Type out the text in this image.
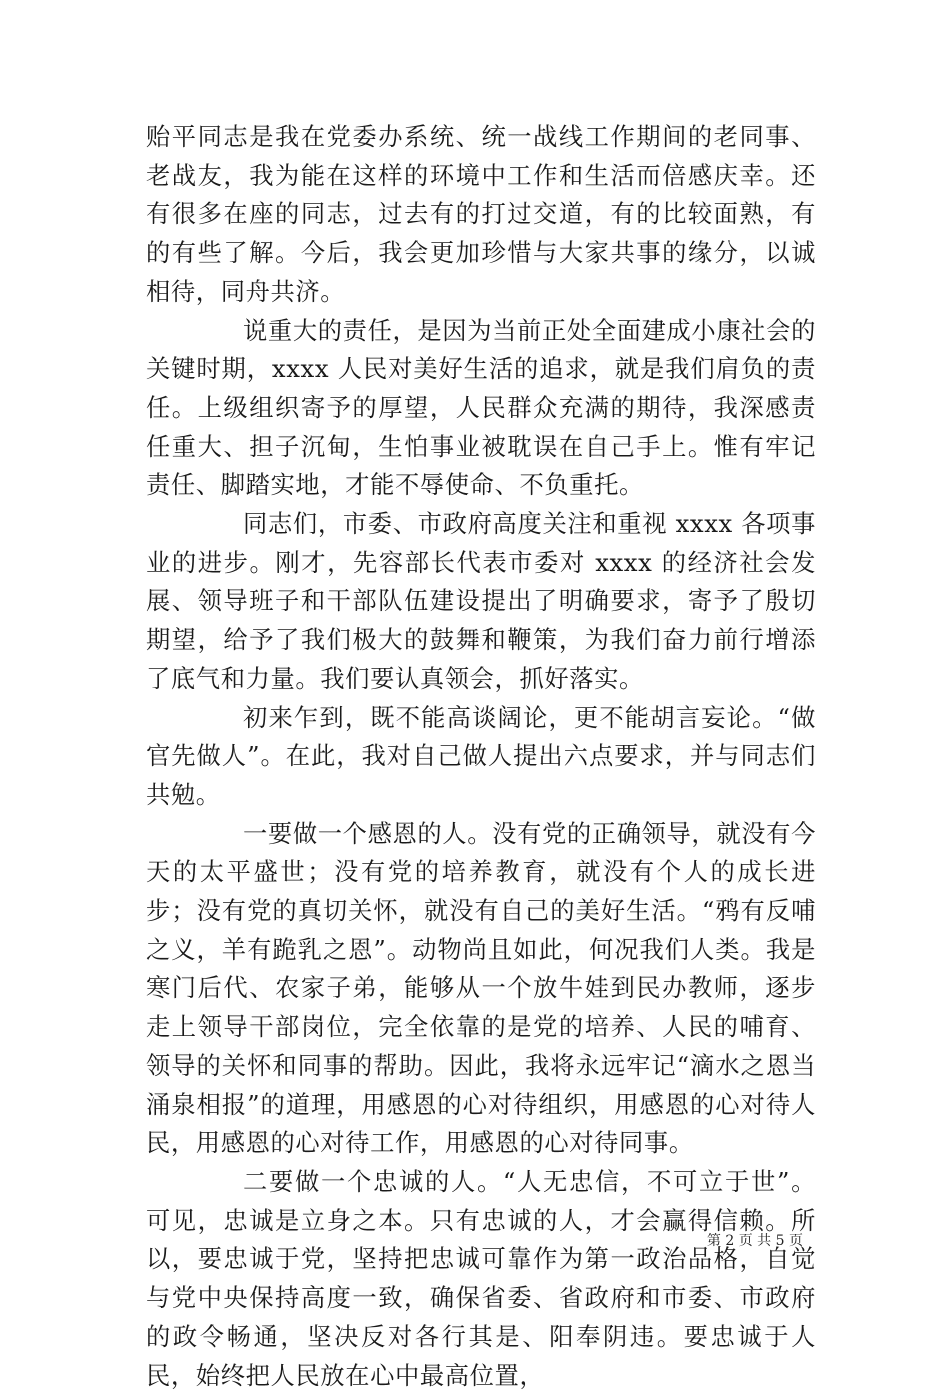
贻平同志是我在党委办系统、统一战线工作期间的老同事、老战友，我为能在这样的环境中工作和生活而倍感庆幸。还有很多在座的同志，过去有的打过交道，有的比较面熟，有的有些了解。今后，我会更加珍惜与大家共事的缘分，以诚相待，同舟共济。

说重大的责任，是因为当前正处全面建成小康社会的关键时期，xxxx 人民对美好生活的追求，就是我们肩负的责任。上级组织寄予的厚望，人民群众充满的期待，我深感责任重大、担子沉甸，生怕事业被耽误在自己手上。惟有牢记责任、脚踏实地，才能不辱使命、不负重托。

同志们，市委、市政府高度关注和重视 xxxx 各项事业的进步。刚才，先容部长代表市委对 xxxx 的经济社会发展、领导班子和干部队伍建设提出了明确要求，寄予了殷切期望，给予了我们极大的鼓舞和鞭策，为我们奋力前行增添了底气和力量。我们要认真领会，抓好落实。

初来乍到，既不能高谈阔论，更不能胡言妄论。“做官先做人”。在此，我对自己做人提出六点要求，并与同志们共勉。

一要做一个感恩的人。没有党的正确领导，就没有今天的太平盛世；没有党的培养教育，就没有个人的成长进步；没有党的真切关怀，就没有自己的美好生活。“鸦有反哺之义，羊有跪乳之恩”。动物尚且如此，何况我们人类。我是寒门后代、农家子弟，能够从一个放牛娃到民办教师，逐步走上领导干部岗位，完全依靠的是党的培养、人民的哺育、领导的关怀和同事的帮助。因此，我将永远牢记“滴水之恩当涌泉相报”的道理，用感恩的心对待组织，用感恩的心对待人民，用感恩的心对待工作，用感恩的心对待同事。

二要做一个忠诚的人。“人无忠信，不可立于世”。可见，忠诚是立身之本。只有忠诚的人，才会赢得信赖。所以，要忠诚于党，坚持把忠诚可靠作为第一政治品格，自觉与党中央保持高度一致，确保省委、省政府和市委、市政府的政令畅通，坚决反对各行其是、阳奉阴违。要忠诚于人民，始终把人民放在心中最高位置，

第 2 页 共 5 页
